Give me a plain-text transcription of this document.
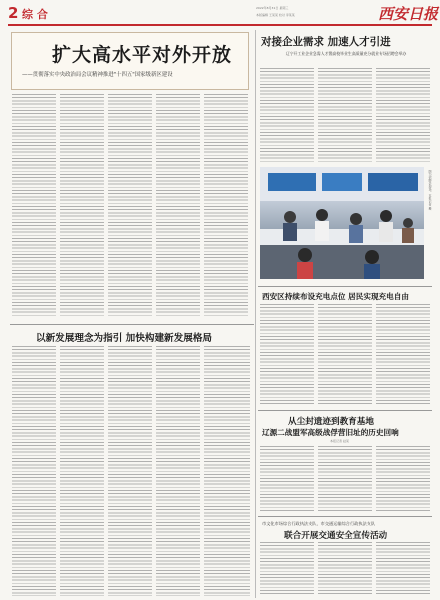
2 综 合	2022年8月31日 星期三
本版编辑 王某某 校对 李某某	西安日报
扩大高水平对外开放
——贯彻落实中央政治局会议精神推进"十四五"国家级新区建设
对接企业需求 加速人才引进
辽宁开工业企业急需人才暨高校毕业生高质量充分就业专场招聘会举办
图为招聘会现场。本报记者 摄
以新发展理念为指引 加快构建新发展格局
西安区持续布设充电点位 居民实现充电自由
从尘封遗迹到教育基地
辽源二战盟军高级战俘营旧址的历史回响
本报记者 赵某
市文化市场综合行政执法支队、市交通运输综合行政执法支队
联合开展交通安全宣传活动
